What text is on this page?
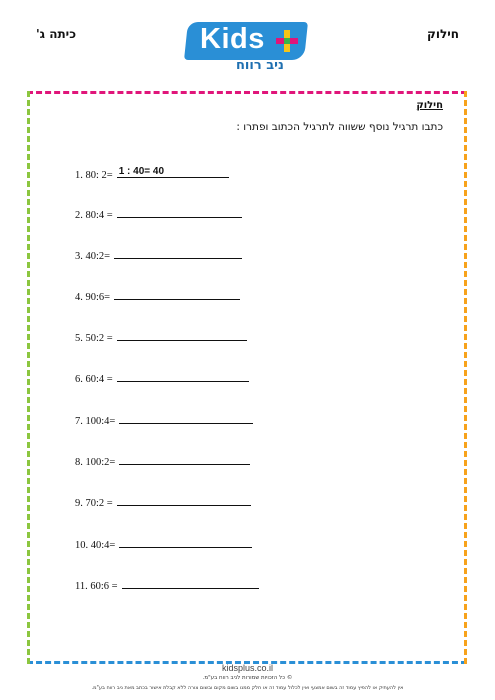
חילוק
כיתה ג'	Kids
ניב רווח
חילוק
כתבו תרגיל נוסף ששווה לתרגיל הכתוב ופתרו :
1. 80: 2= 1 : 40= 40
2. 80:4 =
3. 40:2=
4. 90:6=
5. 50:2 =
6. 60:4 =
7. 100:4=
8. 100:2=
9. 70:2 =
10. 40:4=
11. 60:6 =
kidsplus.co.il
© כל הזכויות שמורות לניב רווח בע"מ.
אין להעתיק או להפיץ עמוד זה בשום אמצעי ואין לכלול עמוד זה או חלק ממנו בשום מקום ובשום צורה ללא קבלת אישור בכתב מאת ניב רווח בע"מ.
